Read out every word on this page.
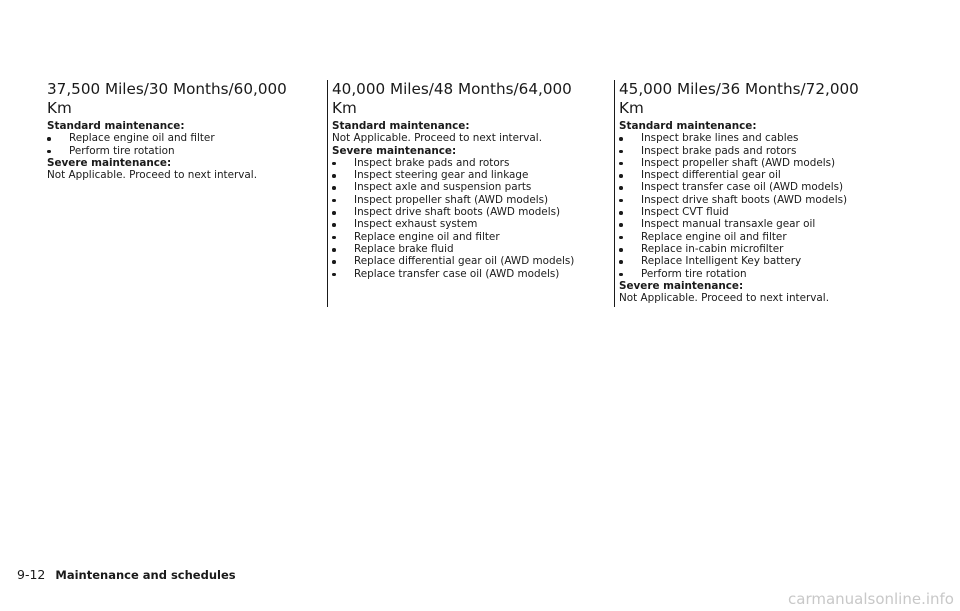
37,500 Miles/30 Months/60,000 Km

Standard maintenance:

Replace engine oil and filter
Perform tire rotation

Severe maintenance:

Not Applicable. Proceed to next interval.

40,000 Miles/48 Months/64,000 Km

Standard maintenance:

Not Applicable. Proceed to next interval.

Severe maintenance:

Inspect brake pads and rotors
Inspect steering gear and linkage
Inspect axle and suspension parts
Inspect propeller shaft (AWD models)
Inspect drive shaft boots (AWD models)
Inspect exhaust system
Replace engine oil and filter
Replace brake fluid
Replace differential gear oil (AWD models)
Replace transfer case oil (AWD models)
45,000 Miles/36 Months/72,000 Km

Standard maintenance:

Inspect brake lines and cables
Inspect brake pads and rotors
Inspect propeller shaft (AWD models)
Inspect differential gear oil
Inspect transfer case oil (AWD models)
Inspect drive shaft boots (AWD models)
Inspect CVT fluid
Inspect manual transaxle gear oil
Replace engine oil and filter
Replace in-cabin microfilter
Replace Intelligent Key battery
Perform tire rotation

Severe maintenance:

Not Applicable. Proceed to next interval.

9-12 Maintenance and schedules
carmanualsonline.info
